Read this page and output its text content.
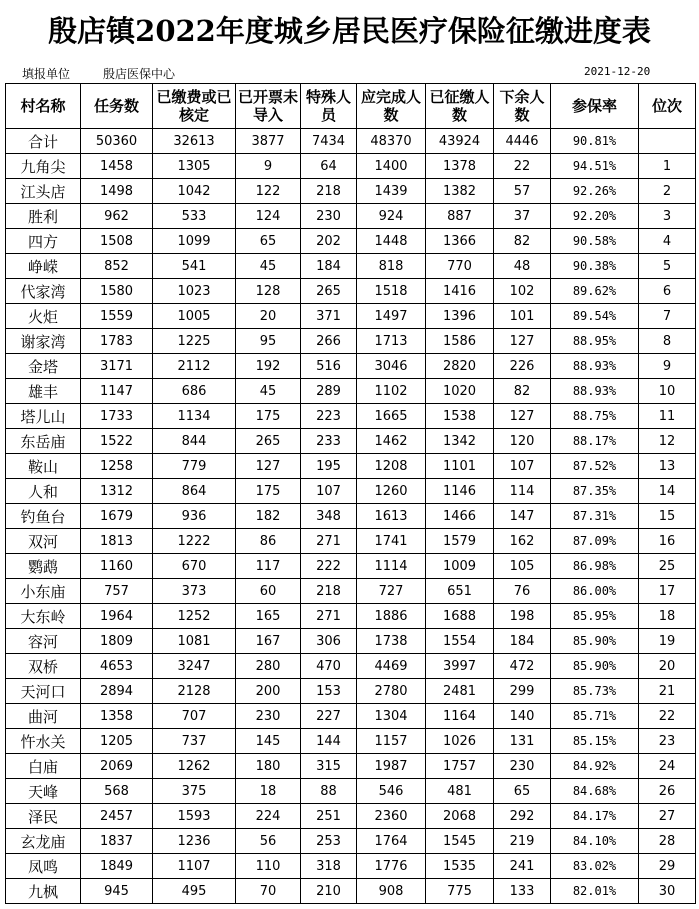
殷店镇2022年度城乡居民医疗保险征缴进度表
填报单位	殷店医保中心	2021-12-20
村名称	任务数	已缴费或已核定	已开票未导入	特殊人员	应完成人数	已征缴人数	下余人数	参保率	位次
合计	50360	32613	3877	7434	48370	43924	4446	90.81%	
九角尖	1458	1305	9	64	1400	1378	22	94.51%	1
江头店	1498	1042	122	218	1439	1382	57	92.26%	2
胜利	962	533	124	230	924	887	37	92.20%	3
四方	1508	1099	65	202	1448	1366	82	90.58%	4
峥嵘	852	541	45	184	818	770	48	90.38%	5
代家湾	1580	1023	128	265	1518	1416	102	89.62%	6
火炬	1559	1005	20	371	1497	1396	101	89.54%	7
谢家湾	1783	1225	95	266	1713	1586	127	88.95%	8
金塔	3171	2112	192	516	3046	2820	226	88.93%	9
雄丰	1147	686	45	289	1102	1020	82	88.93%	10
塔儿山	1733	1134	175	223	1665	1538	127	88.75%	11
东岳庙	1522	844	265	233	1462	1342	120	88.17%	12
鞍山	1258	779	127	195	1208	1101	107	87.52%	13
人和	1312	864	175	107	1260	1146	114	87.35%	14
钓鱼台	1679	936	182	348	1613	1466	147	87.31%	15
双河	1813	1222	86	271	1741	1579	162	87.09%	16
鹦鹉	1160	670	117	222	1114	1009	105	86.98%	25
小东庙	757	373	60	218	727	651	76	86.00%	17
大东岭	1964	1252	165	271	1886	1688	198	85.95%	18
容河	1809	1081	167	306	1738	1554	184	85.90%	19
双桥	4653	3247	280	470	4469	3997	472	85.90%	20
天河口	2894	2128	200	153	2780	2481	299	85.73%	21
曲河	1358	707	230	227	1304	1164	140	85.71%	22
忤水关	1205	737	145	144	1157	1026	131	85.15%	23
白庙	2069	1262	180	315	1987	1757	230	84.92%	24
天峰	568	375	18	88	546	481	65	84.68%	26
泽民	2457	1593	224	251	2360	2068	292	84.17%	27
玄龙庙	1837	1236	56	253	1764	1545	219	84.10%	28
凤鸣	1849	1107	110	318	1776	1535	241	83.02%	29
九枫	945	495	70	210	908	775	133	82.01%	30
